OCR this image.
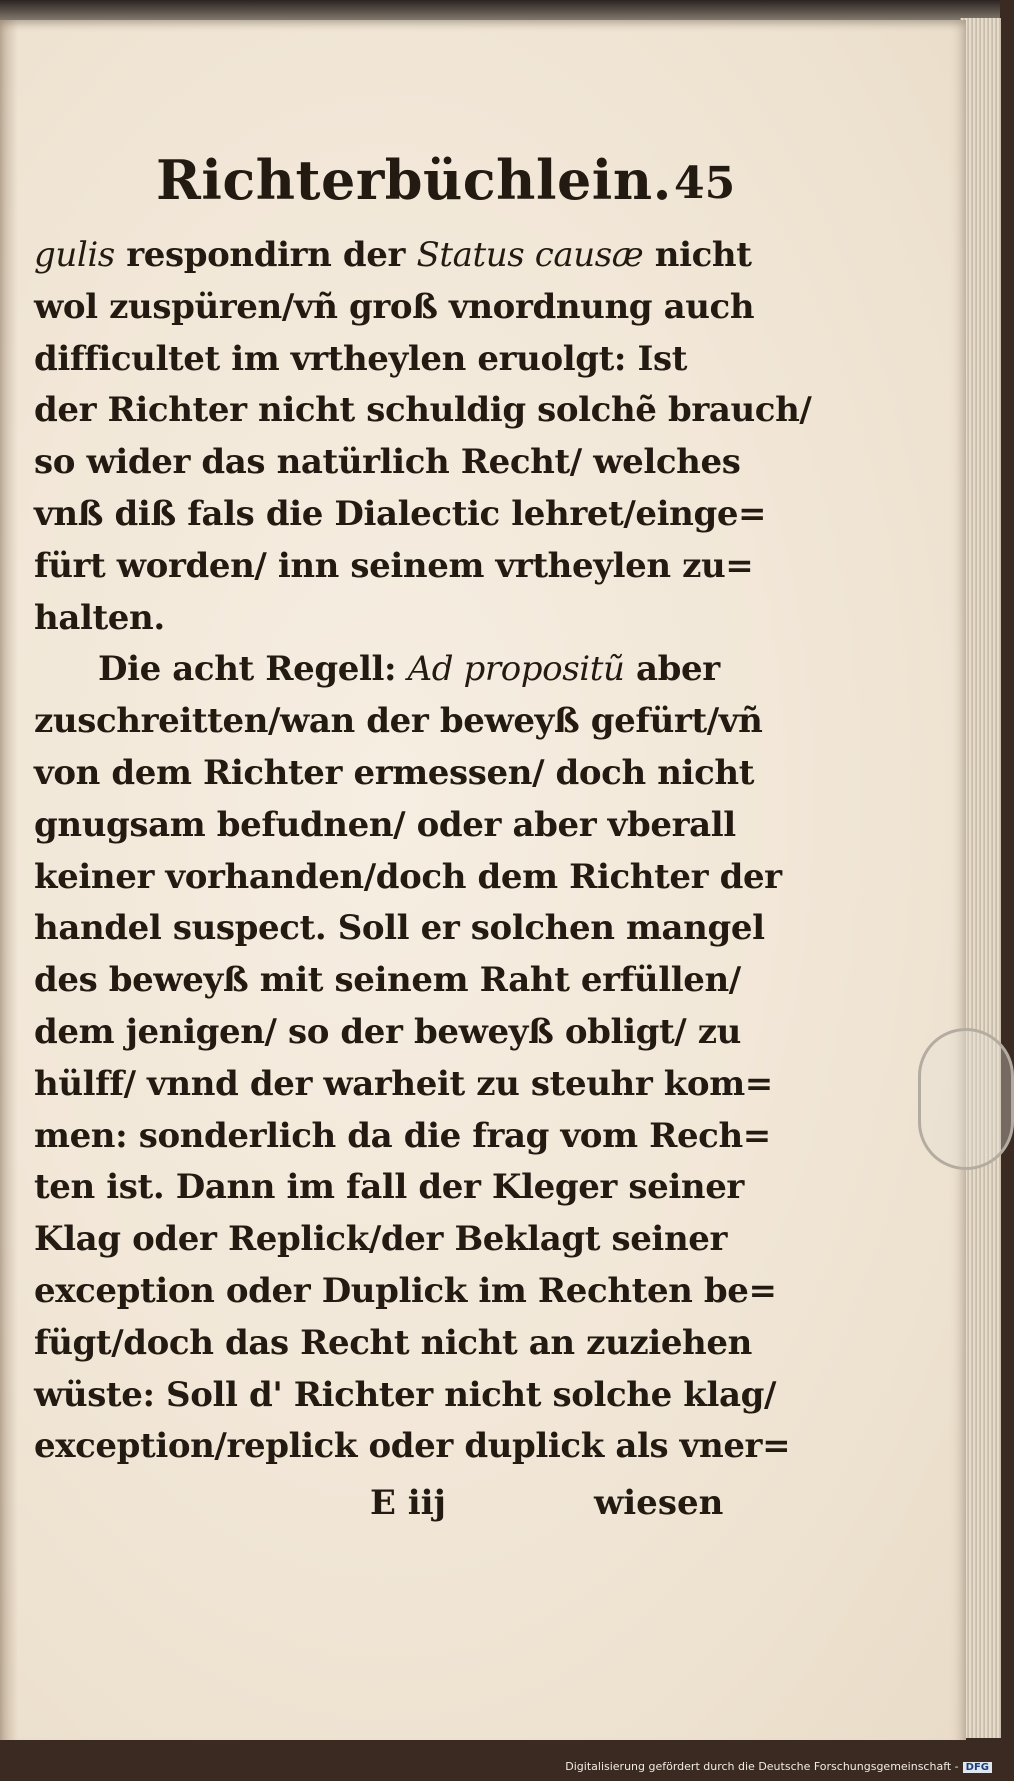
Richterbüchlein. 45
gulis respondirn der Status causæ nicht
wol zuspüren/vñ groß vnordnung auch
difficultet im vrtheylen eruolgt: Ist
der Richter nicht schuldig solchẽ brauch/
so wider das natürlich Recht/ welches
vnß diß fals die Dialectic lehret/einge=
fürt worden/ inn seinem vrtheylen zu=
halten.
Die acht Regell: Ad propositũ aber
zuschreitten/wan der beweyß gefürt/vñ
von dem Richter ermessen/ doch nicht
gnugsam befudnen/ oder aber vberall
keiner vorhanden/doch dem Richter der
handel suspect. Soll er solchen mangel
des beweyß mit seinem Raht erfüllen/
dem jenigen/ so der beweyß obligt/ zu
hülff/ vnnd der warheit zu steuhr kom=
men: sonderlich da die frag vom Rech=
ten ist. Dann im fall der Kleger seiner
Klag oder Replick/der Beklagt seiner
exception oder Duplick im Rechten be=
fügt/doch das Recht nicht an zuziehen
wüste: Soll d' Richter nicht solche klag/
exception/replick oder duplick als vner=
E iij	wiesen
Digitalisierung gefördert durch die Deutsche Forschungsgemeinschaft - DFG
